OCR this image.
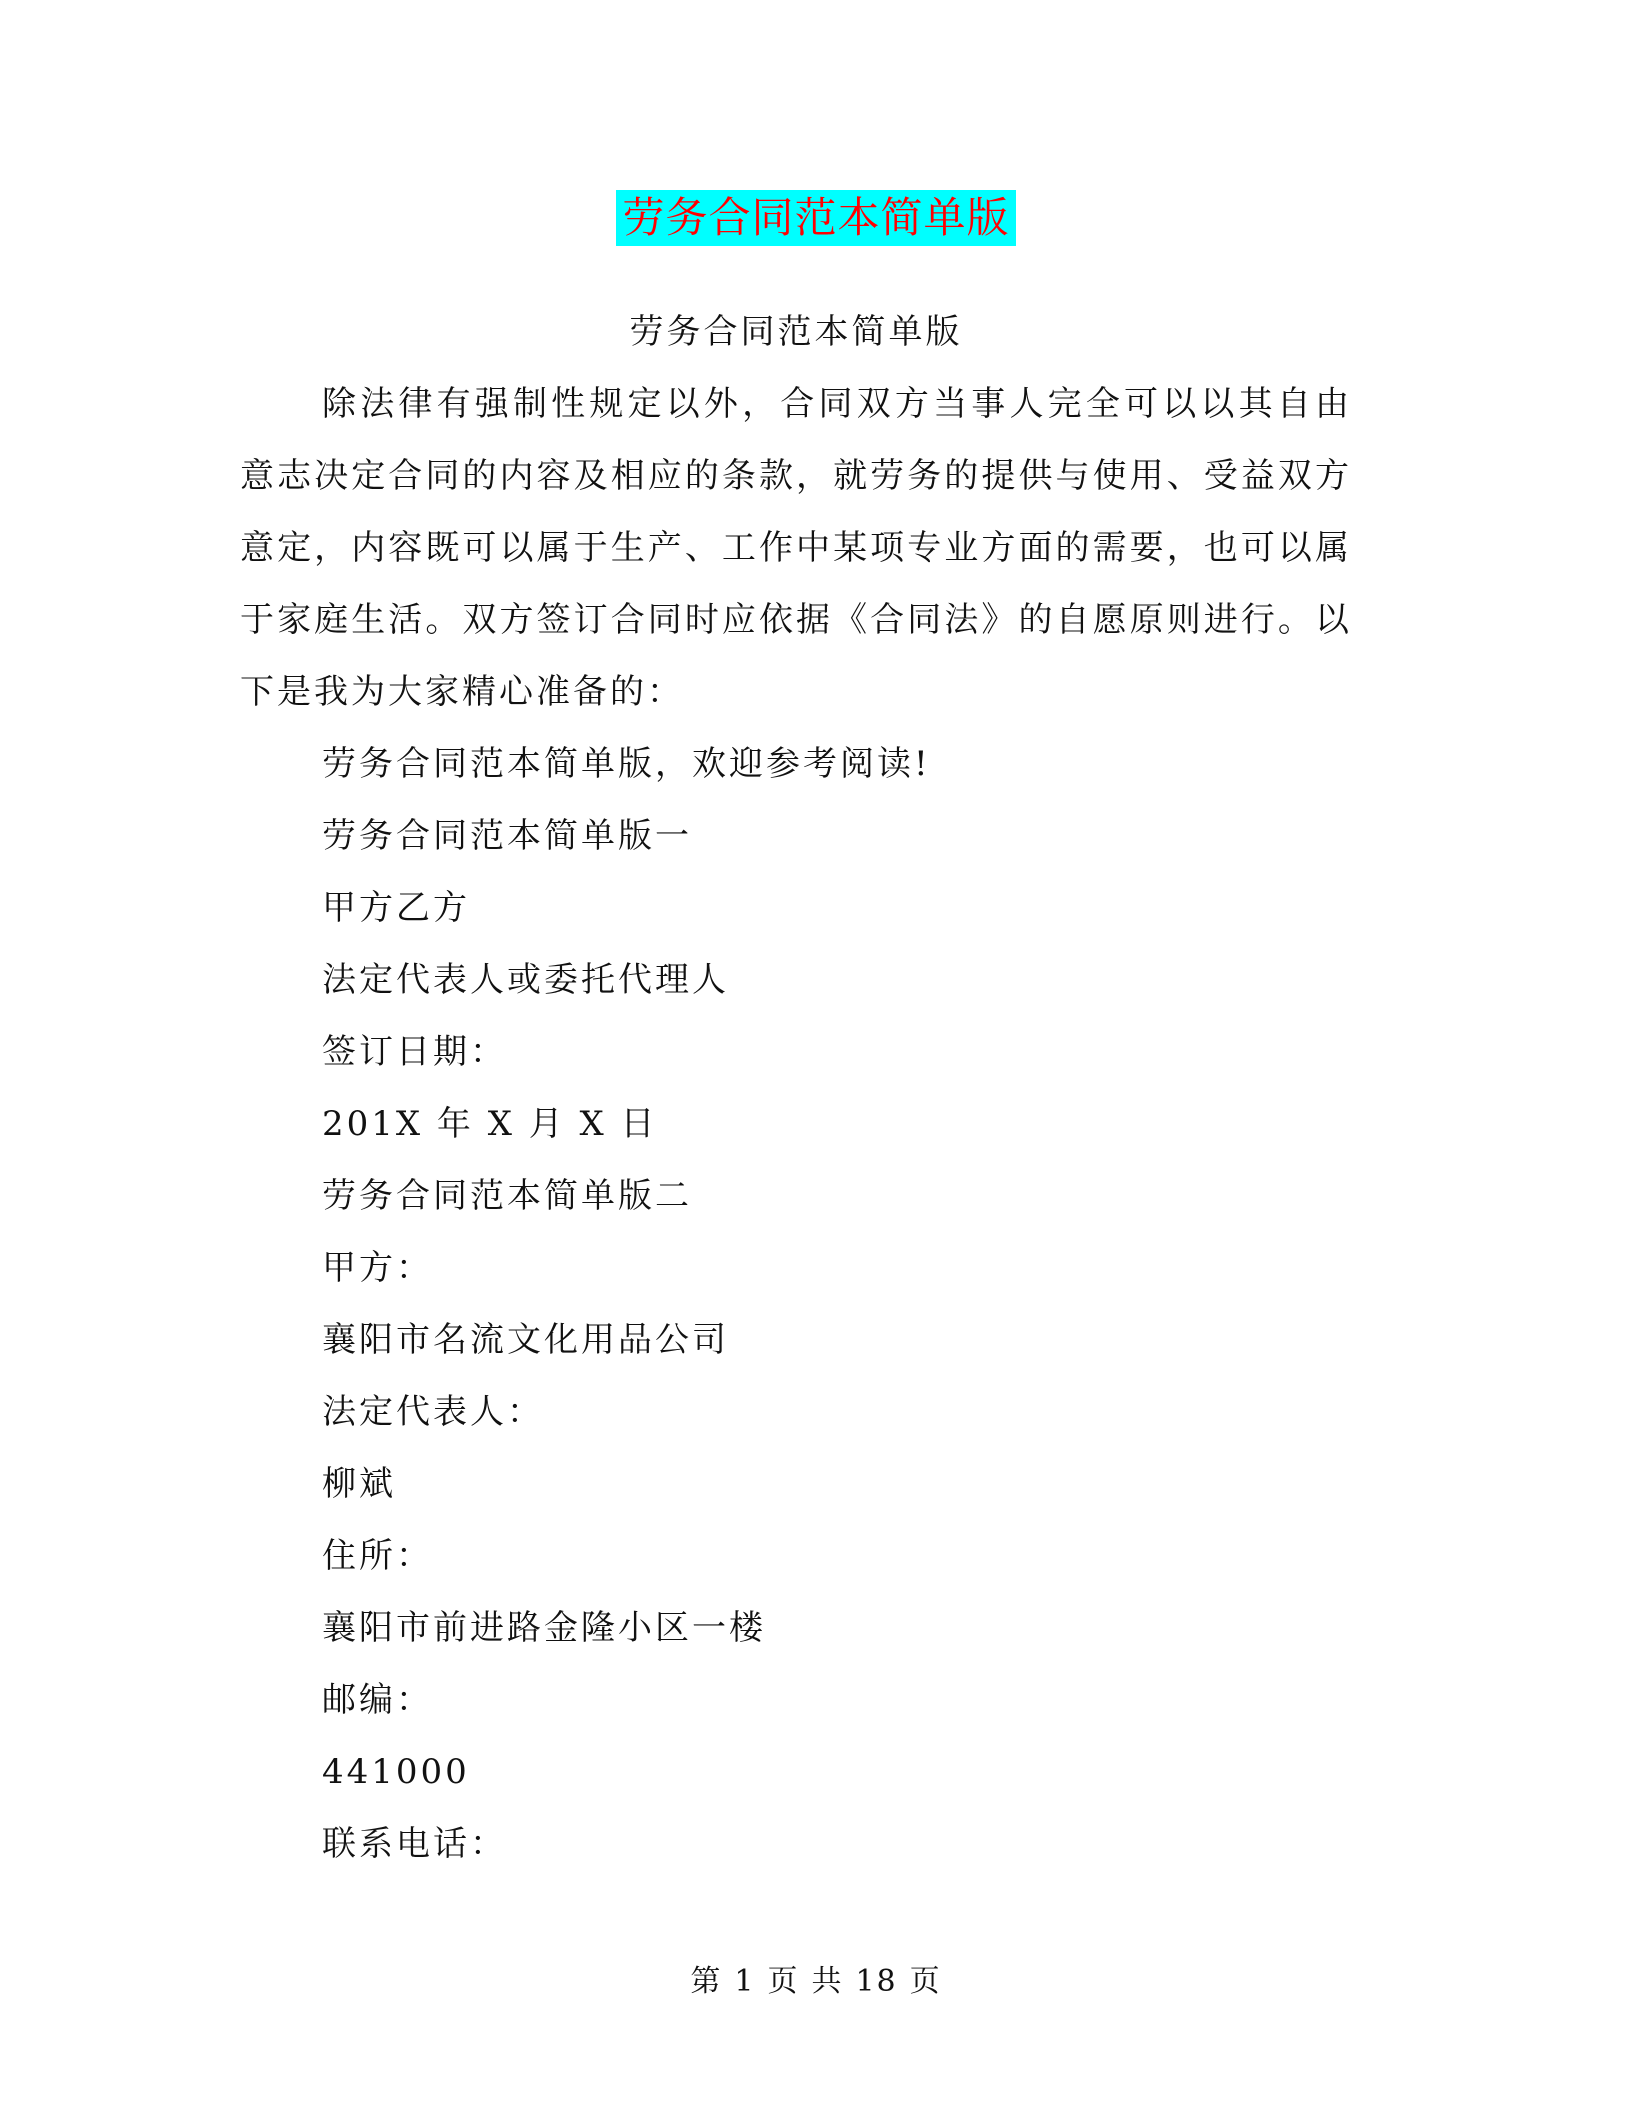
劳务合同范本简单版

劳务合同范本简单版

除法律有强制性规定以外，合同双方当事人完全可以以其自由意志决定合同的内容及相应的条款，就劳务的提供与使用、受益双方意定，内容既可以属于生产、工作中某项专业方面的需要，也可以属于家庭生活。双方签订合同时应依据《合同法》的自愿原则进行。以下是我为大家精心准备的：

劳务合同范本简单版，欢迎参考阅读!

劳务合同范本简单版一

甲方乙方

法定代表人或委托代理人

签订日期：

201X 年 X 月 X 日

劳务合同范本简单版二

甲方：

襄阳市名流文化用品公司

法定代表人：

柳斌

住所：

襄阳市前进路金隆小区一楼

邮编：

441000

联系电话：

第 1 页 共 18 页
